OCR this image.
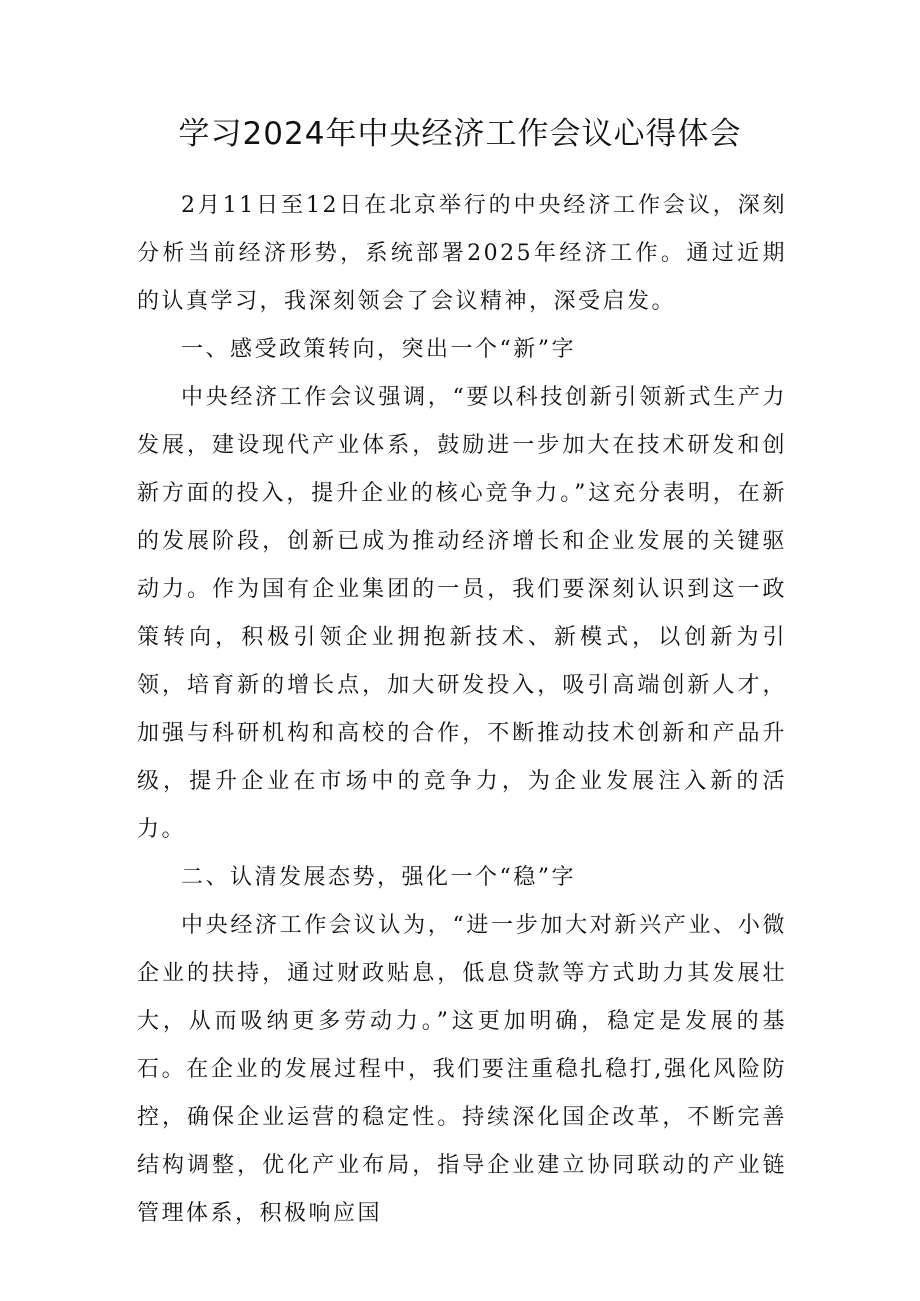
学习2024年中央经济工作会议心得体会

2月11日至12日在北京举行的中央经济工作会议，深刻分析当前经济形势，系统部署2025年经济工作。通过近期的认真学习，我深刻领会了会议精神，深受启发。

一、感受政策转向，突出一个“新”字

中央经济工作会议强调，“要以科技创新引领新式生产力发展，建设现代产业体系，鼓励进一步加大在技术研发和创新方面的投入，提升企业的核心竞争力。”这充分表明，在新的发展阶段，创新已成为推动经济增长和企业发展的关键驱动力。作为国有企业集团的一员，我们要深刻认识到这一政策转向，积极引领企业拥抱新技术、新模式，以创新为引领，培育新的增长点，加大研发投入，吸引高端创新人才，加强与科研机构和高校的合作，不断推动技术创新和产品升级，提升企业在市场中的竞争力，为企业发展注入新的活力。

二、认清发展态势，强化一个“稳”字

中央经济工作会议认为，“进一步加大对新兴产业、小微企业的扶持，通过财政贴息，低息贷款等方式助力其发展壮大，从而吸纳更多劳动力。”这更加明确，稳定是发展的基石。在企业的发展过程中，我们要注重稳扎稳打,强化风险防控，确保企业运营的稳定性。持续深化国企改革，不断完善结构调整，优化产业布局，指导企业建立协同联动的产业链管理体系，积极响应国
